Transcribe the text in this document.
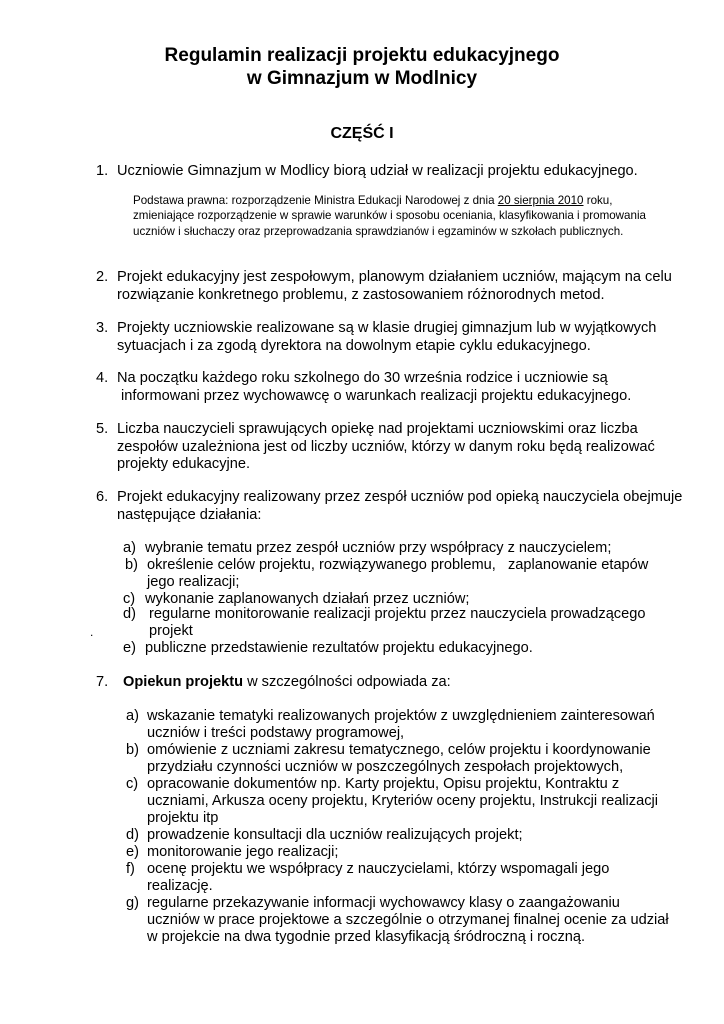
Regulamin realizacji projektu edukacyjnego
w Gimnazjum w Modlnicy
CZĘŚĆ I
1. Uczniowie Gimnazjum w Modlicy biorą udział w realizacji projektu edukacyjnego.
Podstawa prawna: rozporządzenie Ministra Edukacji Narodowej z dnia 20 sierpnia 2010 roku, zmieniające rozporządzenie w sprawie warunków i sposobu oceniania, klasyfikowania i promowania uczniów i słuchaczy oraz przeprowadzania sprawdzianów i egzaminów w szkołach publicznych.
2. Projekt edukacyjny jest zespołowym, planowym działaniem uczniów, mającym na celu rozwiązanie konkretnego problemu, z zastosowaniem różnorodnych metod.
3. Projekty uczniowskie realizowane są w klasie drugiej gimnazjum lub w wyjątkowych sytuacjach i za zgodą dyrektora na dowolnym etapie cyklu edukacyjnego.
4. Na początku każdego roku szkolnego do 30 września rodzice i uczniowie są
informowani przez wychowawcę o warunkach realizacji projektu edukacyjnego.
5. Liczba nauczycieli sprawujących opiekę nad projektami uczniowskimi oraz liczba zespołów uzależniona jest od liczby uczniów, którzy w danym roku będą realizować projekty edukacyjne.
6. Projekt edukacyjny realizowany przez zespół uczniów pod opieką nauczyciela obejmuje następujące działania:
a) wybranie tematu przez zespół uczniów przy współpracy z nauczycielem;
b) określenie celów projektu, rozwiązywanego problemu,   zaplanowanie etapów
jego realizacji;
c) wykonanie zaplanowanych działań przez uczniów;
d) regularne monitorowanie realizacji projektu przez nauczyciela prowadzącego
.	projekt
e) publiczne przedstawienie rezultatów projektu edukacyjnego.
7. Opiekun projektu w szczególności odpowiada za:
a) wskazanie tematyki realizowanych projektów z uwzględnieniem zainteresowań
uczniów i treści podstawy programowej,
b) omówienie z uczniami zakresu tematycznego, celów projektu i koordynowanie
przydziału czynności uczniów w poszczególnych zespołach projektowych,
c) opracowanie dokumentów np. Karty projektu, Opisu projektu, Kontraktu z
uczniami, Arkusza oceny projektu, Kryteriów oceny projektu, Instrukcji realizacji
projektu itp
d) prowadzenie konsultacji dla uczniów realizujących projekt;
e) monitorowanie jego realizacji;
f) ocenę projektu we współpracy z nauczycielami, którzy wspomagali jego
realizację.
g) regularne przekazywanie informacji wychowawcy klasy o zaangażowaniu
uczniów w prace projektowe a szczególnie o otrzymanej finalnej ocenie za udział
w projekcie na dwa tygodnie przed klasyfikacją śródroczną i roczną.
